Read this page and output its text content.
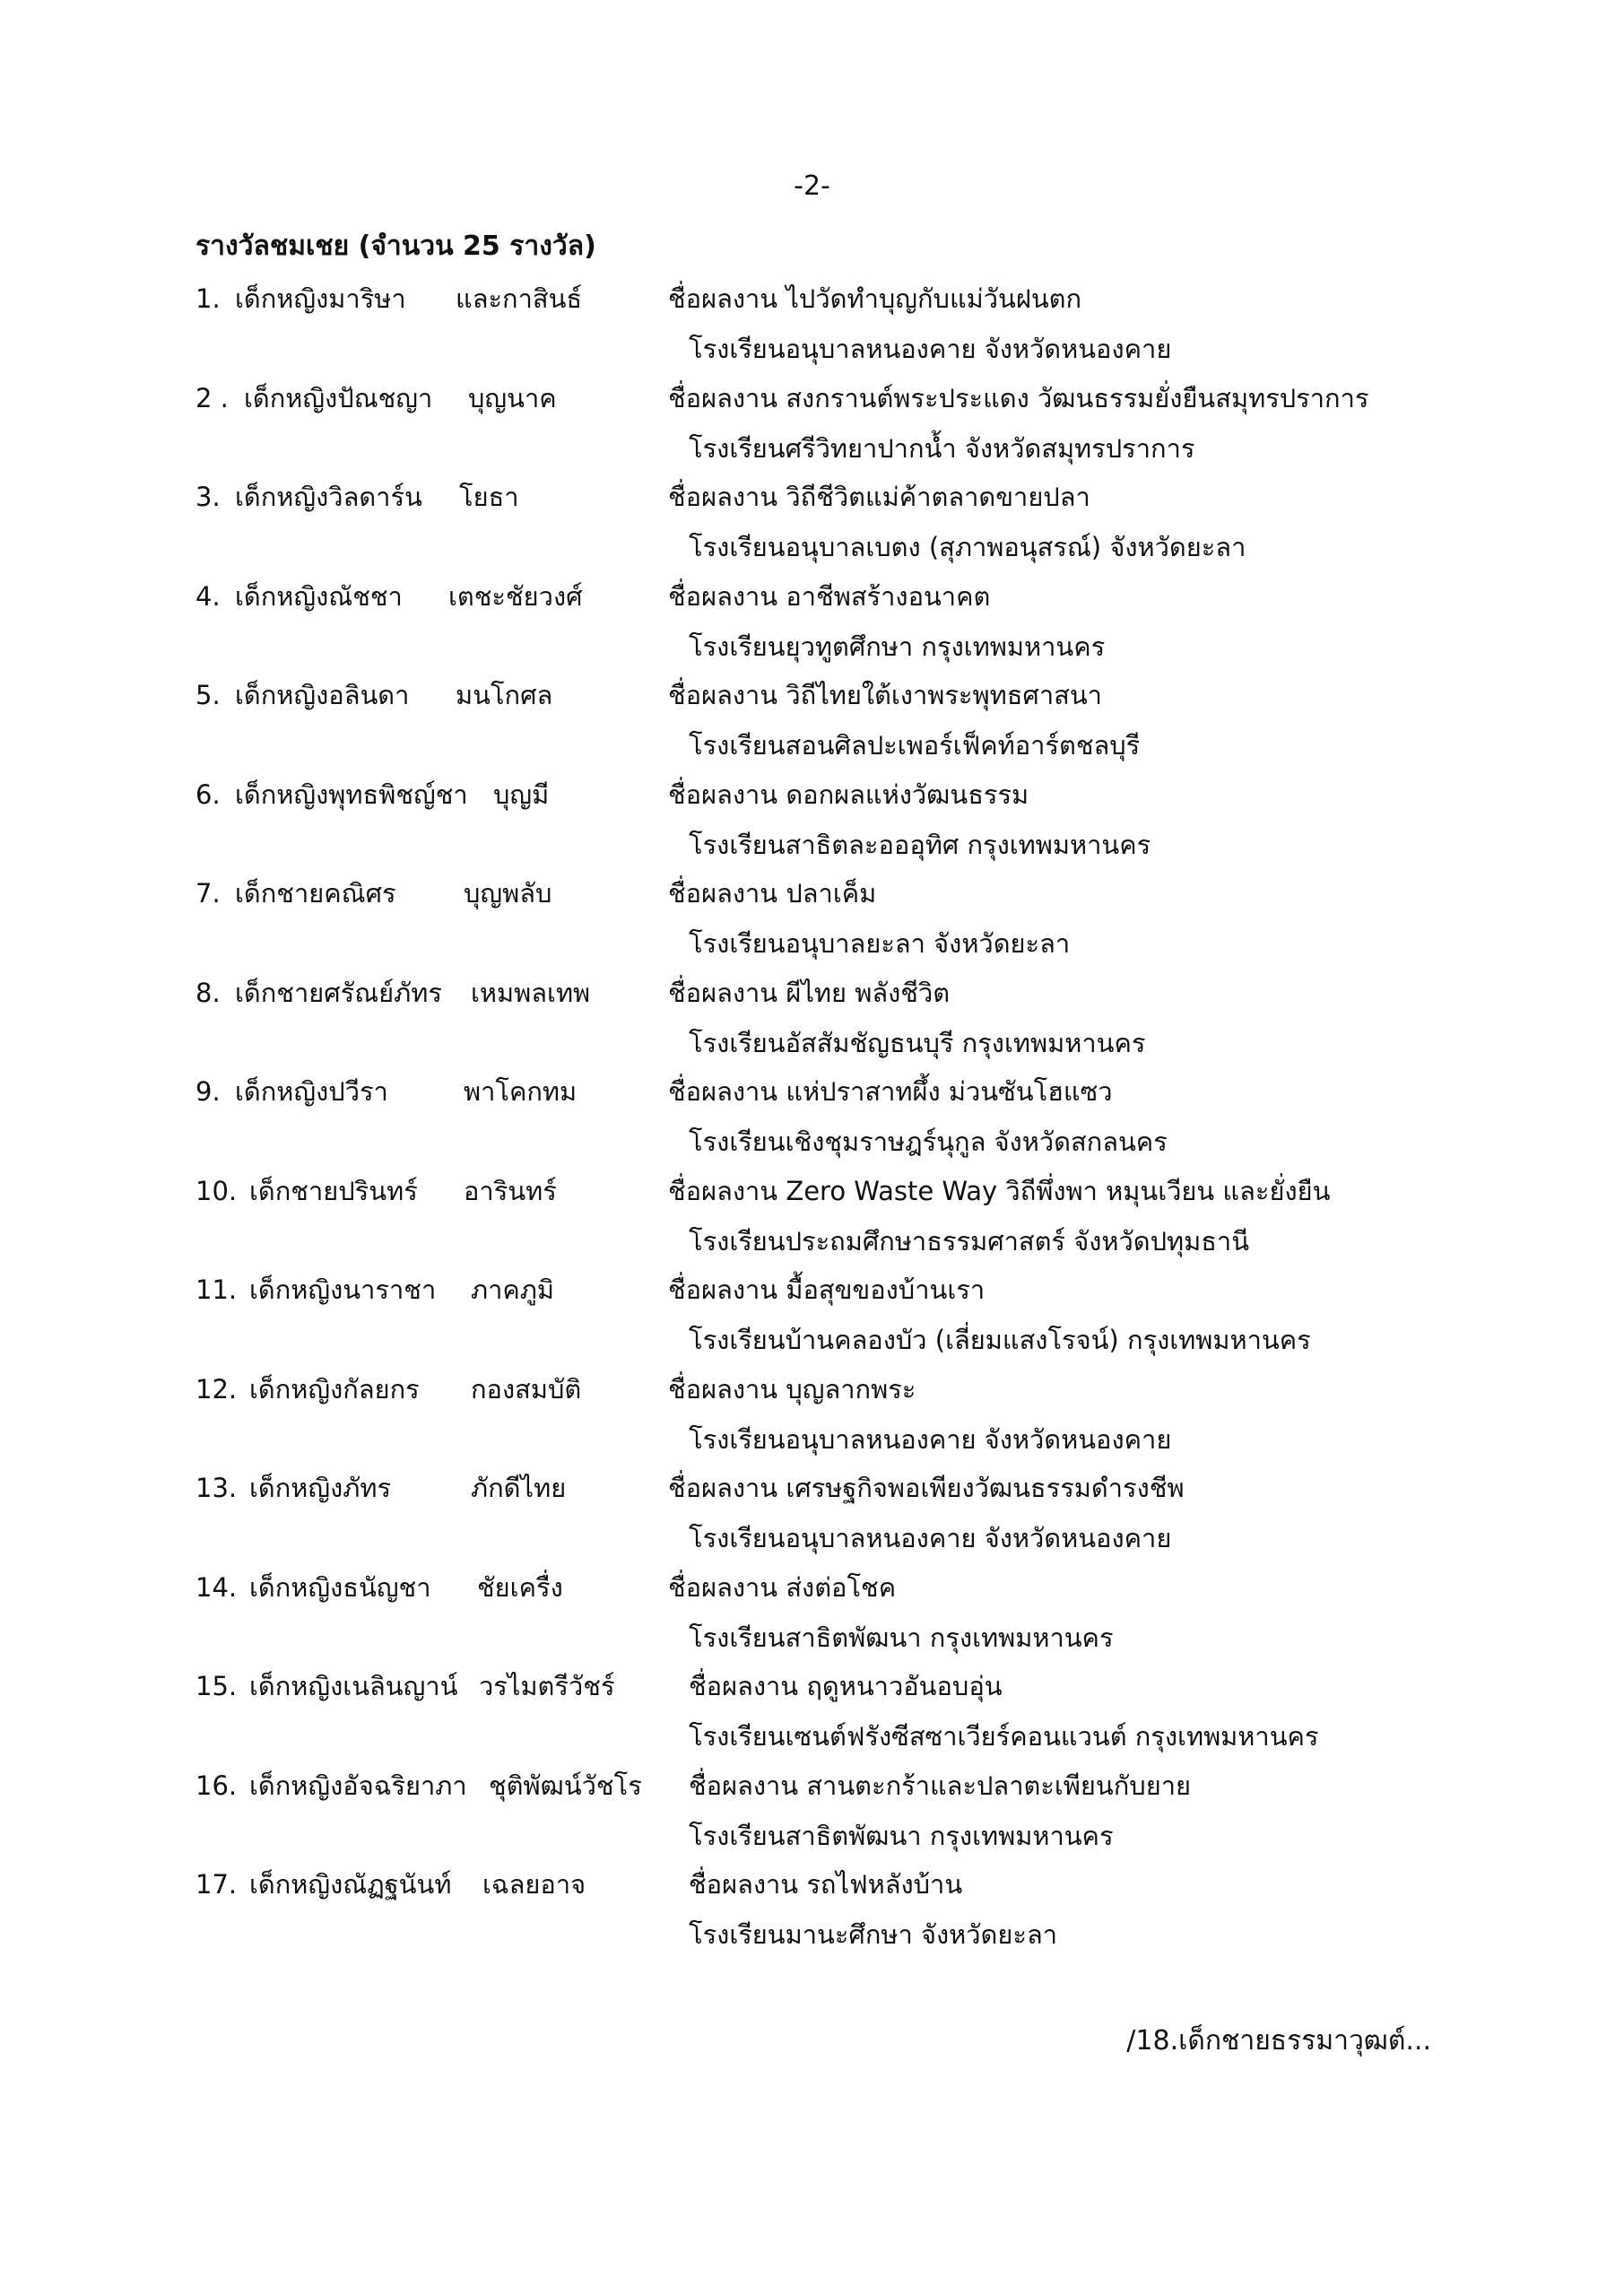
-2-
รางวัลชมเชย (จำนวน 25 รางวัล)
1. เด็กหญิงมาริษา และกาสินธ์	ชื่อผลงาน ไปวัดทำบุญกับแม่วันฝนตก
โรงเรียนอนุบาลหนองคาย จังหวัดหนองคาย
2 . เด็กหญิงปัณชญา บุญนาค	ชื่อผลงาน สงกรานต์พระประแดง วัฒนธรรมยั่งยืนสมุทรปราการ
โรงเรียนศรีวิทยาปากน้ำ จังหวัดสมุทรปราการ
3. เด็กหญิงวิลดาร์น โยธา	ชื่อผลงาน วิถีชีวิตแม่ค้าตลาดขายปลา
โรงเรียนอนุบาลเบตง (สุภาพอนุสรณ์) จังหวัดยะลา
4. เด็กหญิงณัชชา เตชะชัยวงศ์	ชื่อผลงาน อาชีพสร้างอนาคต
โรงเรียนยุวทูตศึกษา กรุงเทพมหานคร
5. เด็กหญิงอลินดา มนโกศล	ชื่อผลงาน วิถีไทยใต้เงาพระพุทธศาสนา
โรงเรียนสอนศิลปะเพอร์เฟ็คท์อาร์ตชลบุรี
6. เด็กหญิงพุทธพิชญ์ชา บุญมี	ชื่อผลงาน ดอกผลแห่งวัฒนธรรม
โรงเรียนสาธิตละอออุทิศ กรุงเทพมหานคร
7. เด็กชายคณิศร	บุญพลับ	ชื่อผลงาน ปลาเค็ม
โรงเรียนอนุบาลยะลา จังหวัดยะลา
8. เด็กชายศรัณย์ภัทร เหมพลเทพ	ชื่อผลงาน ผีไทย พลังชีวิต
โรงเรียนอัสสัมชัญธนบุรี กรุงเทพมหานคร
9. เด็กหญิงปวีรา	พาโคกทม	ชื่อผลงาน แห่ปราสาทผึ้ง ม่วนซันโฮแซว
โรงเรียนเชิงชุมราษฎร์นุกูล จังหวัดสกลนคร
10. เด็กชายปรินทร์ อารินทร์	ชื่อผลงาน Zero Waste Way วิถีพึ่งพา หมุนเวียน และยั่งยืน
โรงเรียนประถมศึกษาธรรมศาสตร์ จังหวัดปทุมธานี
11. เด็กหญิงนาราชา ภาคภูมิ	ชื่อผลงาน มื้อสุขของบ้านเรา
โรงเรียนบ้านคลองบัว (เลี่ยมแสงโรจน์) กรุงเทพมหานคร
12. เด็กหญิงกัลยกร กองสมบัติ	ชื่อผลงาน บุญลากพระ
โรงเรียนอนุบาลหนองคาย จังหวัดหนองคาย
13. เด็กหญิงภัทร	ภักดีไทย	ชื่อผลงาน เศรษฐกิจพอเพียงวัฒนธรรมดำรงชีพ
โรงเรียนอนุบาลหนองคาย จังหวัดหนองคาย
14. เด็กหญิงธนัญชา ชัยเครื่ง	ชื่อผลงาน ส่งต่อโชค
โรงเรียนสาธิตพัฒนา กรุงเทพมหานคร
15. เด็กหญิงเนลินญาน์ วรไมตรีวัชร์	ชื่อผลงาน ฤดูหนาวอันอบอุ่น
โรงเรียนเซนต์ฟรังซีสซาเวียร์คอนแวนต์ กรุงเทพมหานคร
16. เด็กหญิงอัจฉริยาภา ชุติพัฒน์วัชโร ชื่อผลงาน สานตะกร้าและปลาตะเพียนกับยาย
โรงเรียนสาธิตพัฒนา กรุงเทพมหานคร
17. เด็กหญิงณัฏฐนันท์ เฉลยอาจ	ชื่อผลงาน รถไฟหลังบ้าน
โรงเรียนมานะศึกษา จังหวัดยะลา
/18.เด็กชายธรรมาวุฒต์...
